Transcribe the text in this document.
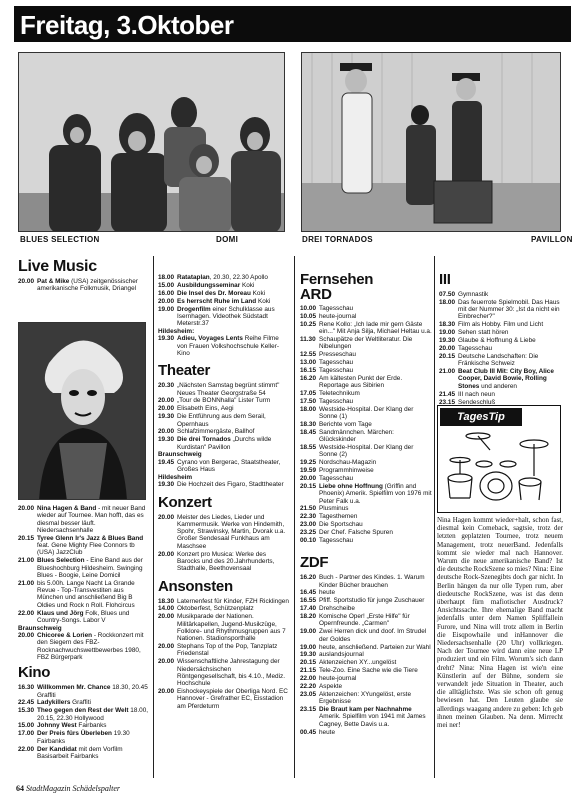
Freitag, 3.Oktober
BLUES SELECTION	DOMI	DREI TORNADOS	PAVILLON
Live Music
20.00 Pat & Mike (USA) zeitgenössischer amerikanische Folkmusik, Driangel
20.00 Nina Hagen & Band - mit neuer Band wieder auf Tournee. Man hofft, das es diesmal besser läuft. Niedersachsenhalle
20.15 Tyree Glenn Ir's Jazz & Blues Band feat. Gene Mighty Flee Connors tb (USA) JazzClub
21.00 Blues Selection - Eine Band aus der Blueshochburg Hildesheim. Swinging Blues - Boogie, Leine Domicil
21.00 bis 5.00h. Lange Nacht La Grande Revue - Top-Transvestiten aus München und anschließend Big B Oldies und Rock n Roll. Flohcircus
22.00 Klaus und Jörg Folk, Blues und Country-Songs. Labor V
Braunschweig
20.00 Chicoree & Lorien - Rockkonzert mit den Siegern des FBZ-Rocknachwuchswettbewerbes 1980, FBZ Bürgerpark
Kino
16.30 Willkommen Mr. Chance 18.30, 20.45 Graffiti
22.45 Ladykillers Graffiti
15.30 Theo gegen den Rest der Welt 18.00, 20.15, 22.30 Hollywood
15.00 Johnny West Fairbanks
17.00 Der Preis fürs Überleben 19.30 Fairbanks
22.00 Der Kandidat mit dem Vorfilm Basisarbeit Fairbanks
18.00 Ratataplan, 20.30, 22.30 Apollo
15.00 Ausbildungsseminar Koki
16.00 Die Insel des Dr. Moreau Koki
20.00 Es herrscht Ruhe im Land Koki
19.00 Drogenfilm einer Schulklasse aus Isernhagen. Videothek Südstadt Meterstr.37
Hildesheim:
19.30 Adieu, Voyages Lents Reihe Filme von Frauen Volkshochschule Keller-Kino
Theater
20.30 „Nächsten Samstag begrünt stimmt" Neues Theater Georgstraße 54
20.00 „Tour de BONNhalla" Lister Turm
20.00 Elisabeth Eins, Aegi
19.30 Die Entführung aus dem Serail, Opernhaus
20.00 Schlafzimmergäste, Ballhof
19.30 Die drei Tornados „Durchs wilde Kurdistan" Pavillon
Braunschweig
19.45 Cyrano von Bergerac, Staatstheater, Großes Haus
Hildesheim
19.30 Die Hochzeit des Figaro, Stadttheater
Konzert
20.00 Meister des Liedes, Lieder und Kammermusik. Werke von Hindemith, Spohr, Strawinsky, Martin, Dvorak u.a. Großer Sendesaal Funkhaus am Maschsee
20.00 Konzert pro Musica: Werke des Barocks und des 20.Jahrhunderts, Stadthalle, Beethovensaal
Ansonsten
18.30 Laternenfest für Kinder, FZH Ricklingen
14.00 Oktoberfest, Schützenplatz
20.00 Musikparade der Nationen. Militärkapellen, Jugend-Musikzüge, Folklore- und Rhythmusgruppen aus 7 Nationen. Stadionsporthalle
20.00 Stephans Top of the Pop, Tanzplatz Friedenstal
20.00 Wissenschaftliche Jahrestagung der Niedersächsischen Röntgengesellschaft, bis 4.10., Mediz. Hochschule
20.00 Eishockeyspiele der Oberliga Nord. EC Hannover - Grefrather EC, Eisstadion am Pferdeturm
Fernsehen
ARD
10.00 Tagesschau
10.05 heute-journal
10.25 Rene Kollo: „Ich lade mir gern Gäste ein..." Mit Anja Silja, Michael Heltau u.a.
11.30 Schaupätze der Weltliteratur. Die Nibelungen
12.55 Presseschau
13.00 Tagesschau
16.15 Tagesschau
16.20 Am kältesten Punkt der Erde. Reportage aus Sibirien
17.05 Teletechnikum
17.50 Tagesschau
18.00 Westside-Hospital. Der Klang der Sonne (1)
18.30 Berichte vom Tage
18.45 Sandmännchen. Märchen: Glückskinder
18.55 Westside-Hospital. Der Klang der Sonne (2)
19.25 Nordschau-Magazin
19.59 Programmhinweise
20.00 Tagesschau
20.15 Liebe ohne Hoffnung (Griffin and Phoenix) Amerik. Spielfilm von 1976 mit Peter Falk u.a.
21.50 Plusminus
22.30 Tagesthemen
23.00 Die Sportschau
23.25 Der Chef. Falsche Spuren
00.10 Tagesschau
ZDF
16.20 Buch - Partner des Kindes. 1. Warum Kinder Bücher brauchen
16.45 heute
16.55 Pfiff. Sportstudio für junge Zuschauer
17.40 Drehscheibe
18.20 Komische Oper! „Erste Hilfe" für Opernfreunde. „Carmen"
19.00 Zwei Herren dick und doof. Im Strudel der Goldes
19.00 heute, anschließend. Parteien zur Wahl
19.30 auslandsjournal
20.15 Aktenzeichen XY...ungelöst
21.15 Tele-Zoo. Eine Sache wie die Tiere
22.00 heute-journal
22.20 Aspekte
23.05 Aktenzeichen: XYungelöst, erste Ergebnisse
23.15 Die Braut kam per Nachnahme Amerik. Spielfilm von 1941 mit James Cagney, Bette Davis u.a.
00.45 heute
III
07.50 Gymnastik
18.00 Das feuerrote Spielmobil. Das Haus mit der Nummer 30: „Ist da nicht ein Einbrecher?"
18.30 Film als Hobby. Film und Licht
19.00 Sehen statt hören
19.30 Glaube & Hoffnung & Liebe
20.00 Tagesschau
20.15 Deutsche Landschaften: Die Fränkische Schweiz
21.00 Beat Club III Mit: City Boy, Alice Cooper, David Bowie, Rolling Stones und anderen
21.45 III nach neun
23.15 Sendeschluß
TagesTip
Nina Hagen kommt wieder+halt, schon fast, diesmal kein Comeback, sagtsie, trotz der letzten geplatzten Tournee, trotz neuem Management, trotz neuerBand. Jedenfalls kommt sie wieder mal nach Hannover. Warum die neue amerikanische Band? Ist die deutsche RockSzene so mies? Nina: Eine deutsche Rock-Szenegibts doch gar nicht. In Berlin hängen da nur olle Typen rum, aber diedeutsche RockSzene, was ist das denn überhaupt fürn mafiotischer Ausdruck? Ansichtssache. Ihre ehemalige Band macht jedenfalls unter dem Namen Spliffallein Furore, und Nina will trotz allem in Berlin die Eisqpowhaile und inHannover die Niedersachsenhalle (20 Uhr) vollkriegen. Nach der Tournee wird dann eine neue LP produziert und ein Film. Worum's sich dann dreht? Nina: Nina Hagen ist wie'n eine Künstlerin auf der Bühne, sondern sie verwandelt jede Situation in Theater, auch die alltäglichste. Was sie schon oft genug bewiesen hat. Den Leuten glaube sie allerdings waagang andere zu geben: Ich geb ihnen meinen Glauben. Na denn. Mirrecht mei ner!
64 StadtMagazin Schädelspalter
